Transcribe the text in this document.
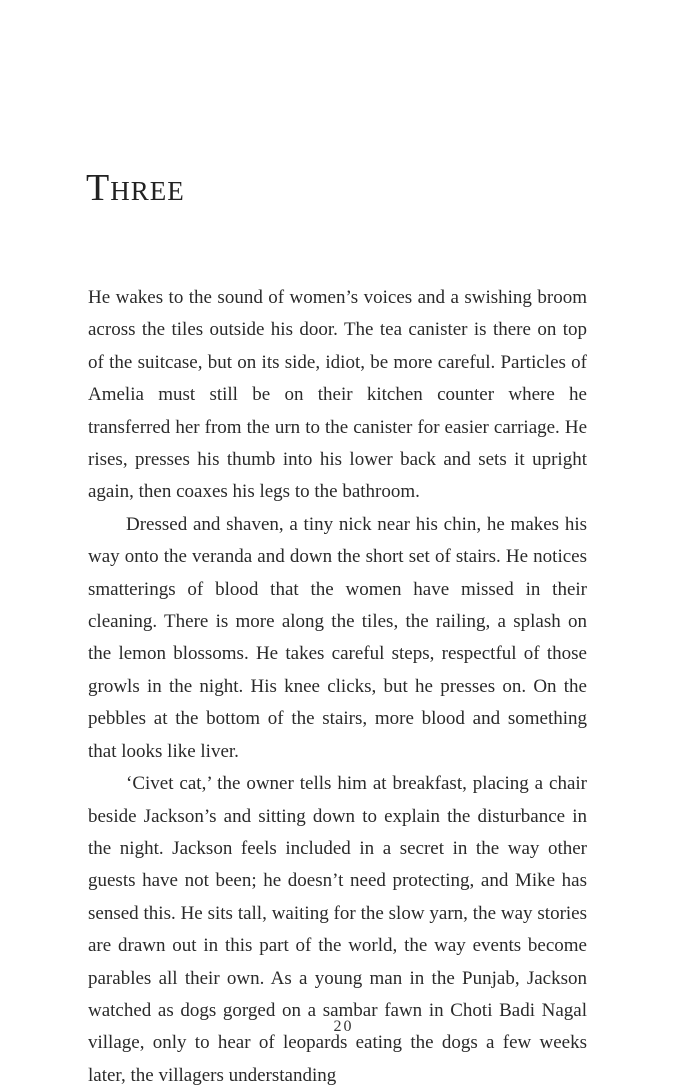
Three

He wakes to the sound of women’s voices and a swishing broom across the tiles outside his door. The tea canister is there on top of the suitcase, but on its side, idiot, be more careful. Particles of Amelia must still be on their kitchen counter where he transferred her from the urn to the canister for easier carriage. He rises, presses his thumb into his lower back and sets it upright again, then coaxes his legs to the bathroom.

Dressed and shaven, a tiny nick near his chin, he makes his way onto the veranda and down the short set of stairs. He notices smatterings of blood that the women have missed in their cleaning. There is more along the tiles, the railing, a splash on the lemon blossoms. He takes careful steps, respectful of those growls in the night. His knee clicks, but he presses on. On the pebbles at the bottom of the stairs, more blood and something that looks like liver.

‘Civet cat,’ the owner tells him at breakfast, placing a chair beside Jackson’s and sitting down to explain the disturbance in the night. Jackson feels included in a secret in the way other guests have not been; he doesn’t need protecting, and Mike has sensed this. He sits tall, waiting for the slow yarn, the way stories are drawn out in this part of the world, the way events become parables all their own. As a young man in the Punjab, Jackson watched as dogs gorged on a sambar fawn in Choti Badi Nagal village, only to hear of leopards eating the dogs a few weeks later, the villagers understanding

20
